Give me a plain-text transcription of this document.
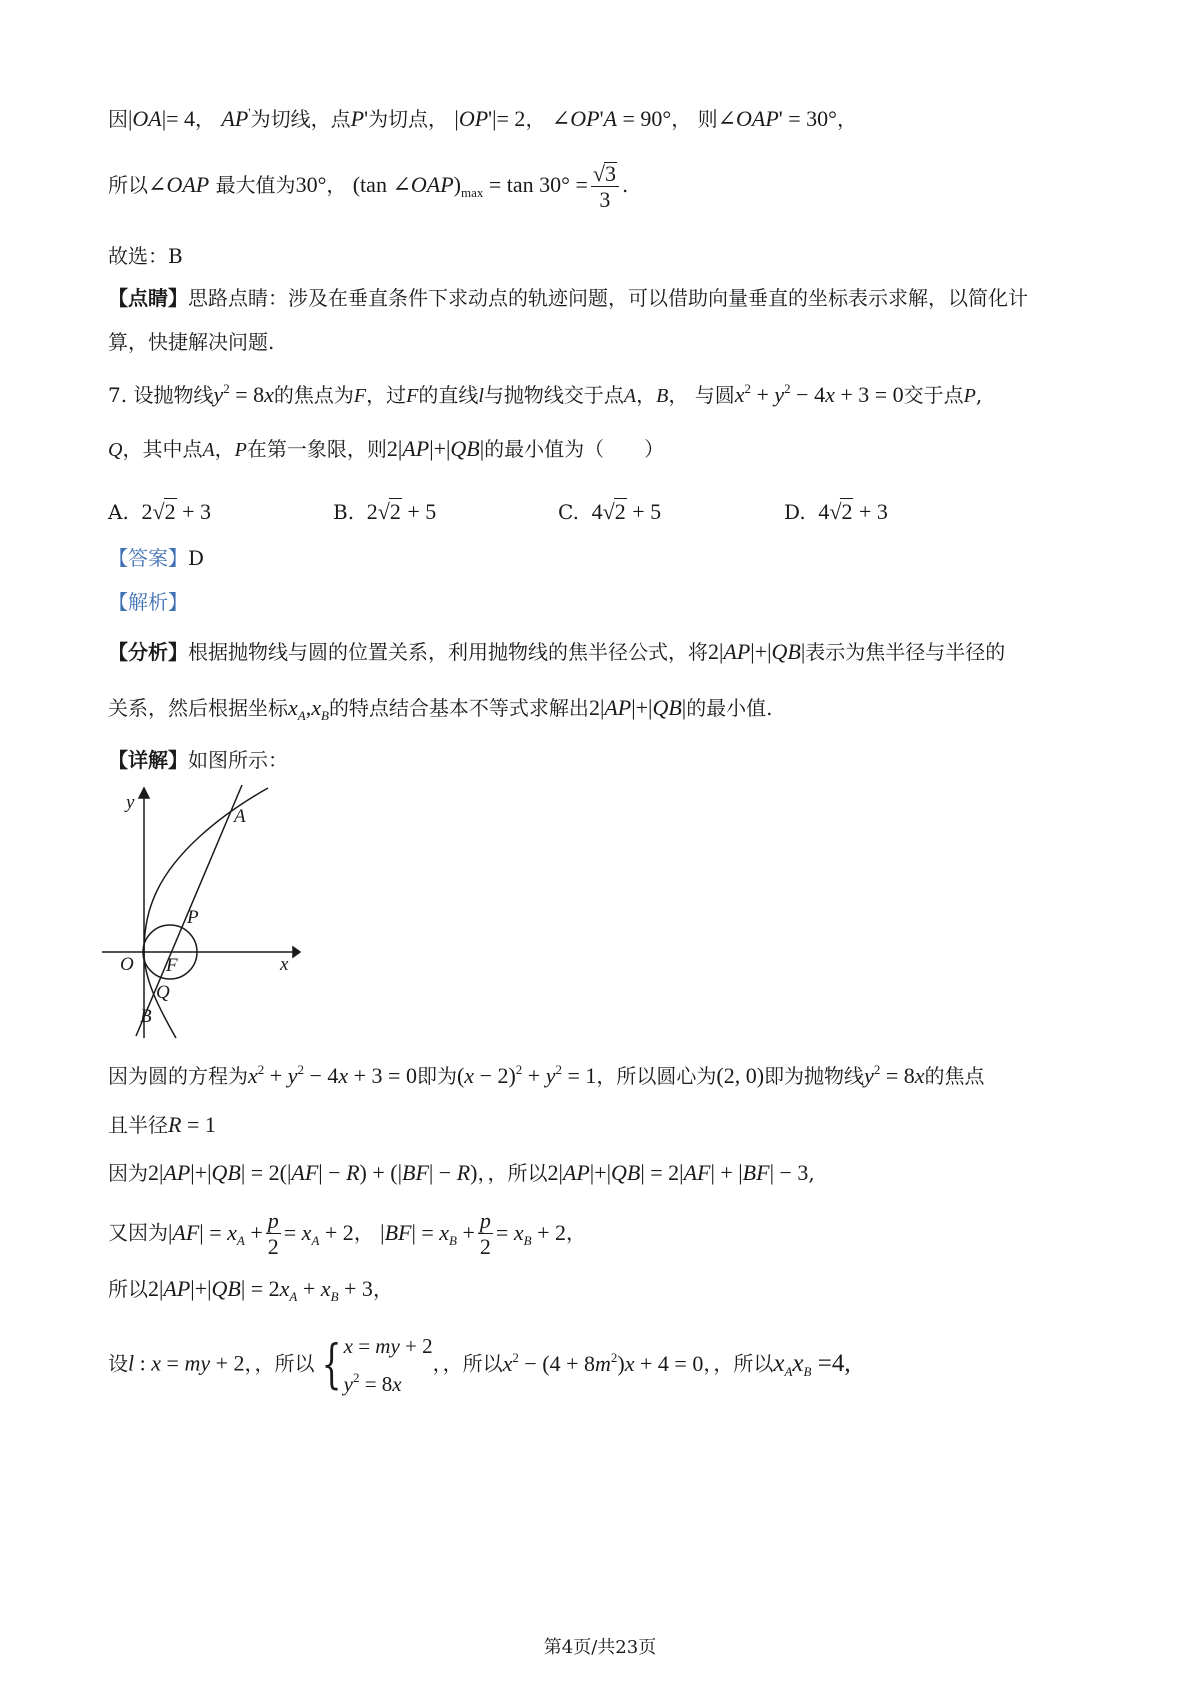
因|OA|= 4， AP'为切线，点P'为切点， |OP'|= 2， ∠OP'A = 90°， 则∠OAP' = 30°，
所以∠OAP 最大值为30°， (tan $\angle OAP)_{max} = \tan 30^\circ = \frac{√3}{3}$ .
故选：B
【点睛】思路点睛：涉及在垂直条件下求动点的轨迹问题，可以借助向量垂直的坐标表示求解，以简化计
算，快捷解决问题.
7. 设抛物线$y^2 = 8x$的焦点为F，过F的直线l与抛物线交于点A，B， 与圆$x^2 + y^2 - 4x + 3 = 0$交于点P,
Q，其中点A，P在第一象限，则2|AP|+|QB|的最小值为（　　）
A. 2√2 + 3	B. 2√2 + 5	C. 4√2 + 5	D. 4√2 + 3
【答案】D
【解析】
【分析】根据抛物线与圆的位置关系，利用抛物线的焦半径公式，将2|AP|+|QB|表示为焦半径与半径的
关系，然后根据坐标$x_A,x_B$的特点结合基本不等式求解出2|AP|+|QB|的最小值.
【详解】如图所示：
y
x
O F
A
P
Q
B
因为圆的方程为$x^2 + y^2 - 4x + 3 = 0$即为$(x - 2)^2 + y^2 = 1$，所以圆心为(2, 0)即为抛物线$y^2 = 8x$的焦点
且半径R = 1
因为2|AP|+|QB| = 2(|AF| − R) + (|BF| − R)，，所以2|AP|+|QB| = 2|AF| + |BF| − 3,
又因为$|AF| = x_A + \frac{p}{2} = x_A + 2$， $|BF| = x_B + \frac{p}{2} = x_B + 2$，
所以$2|AP|+|QB| = 2x_A + x_B + 3$，
设l : x = my + 2，，所以 { x = my + 2
$y^2 = 8x$，，所以$x^2 - (4 + 8m^2)x + 4 = 0$，，所以$x_Ax_B =4$,
第4页/共23页
